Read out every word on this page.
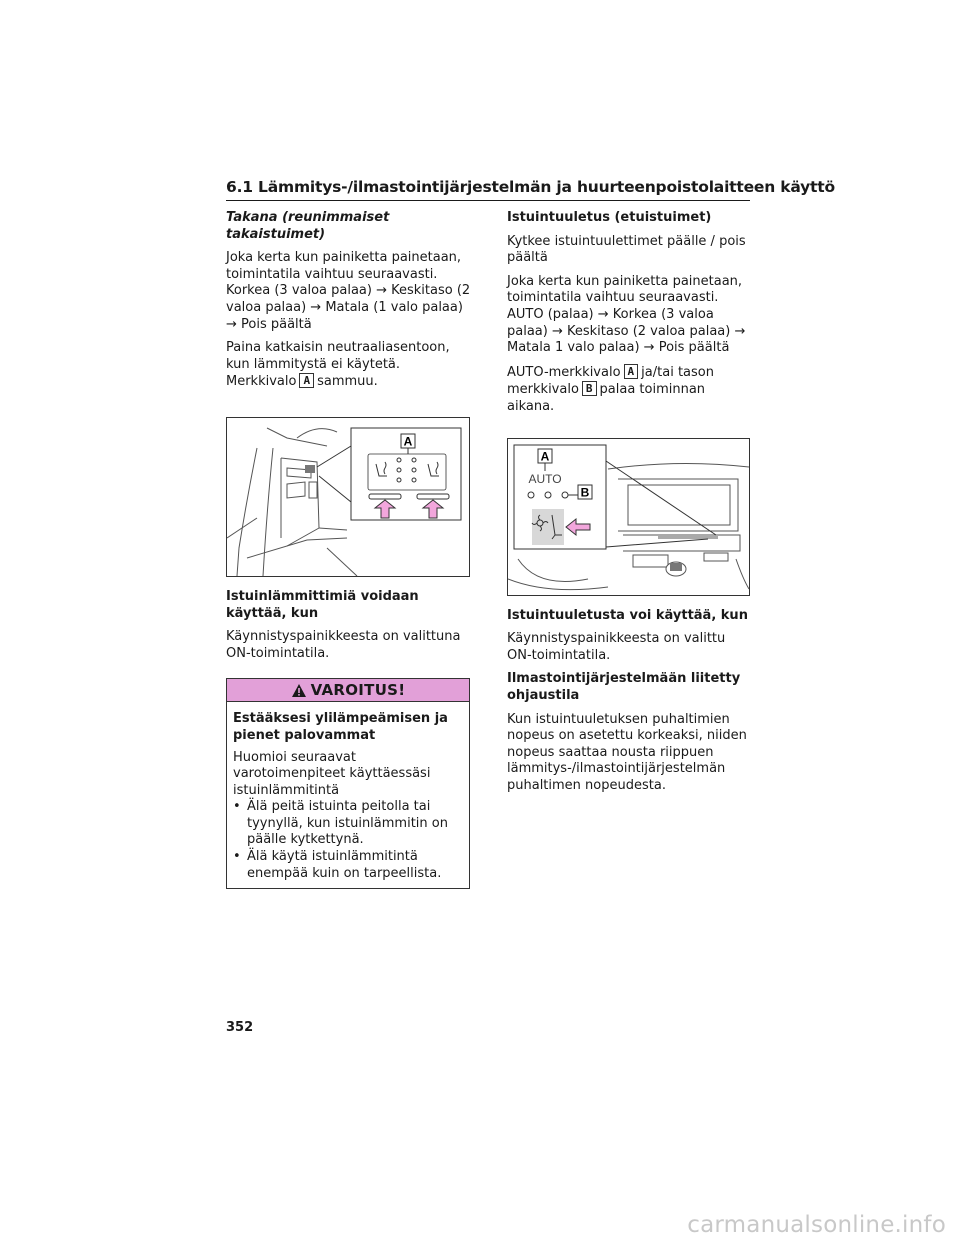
6.1 Lämmitys-/ilmastointijärjestelmän ja huurteenpoistolaitteen käyttö

Takana (reunimmaiset takaistuimet)

Joka kerta kun painiketta painetaan, toimintatila vaihtuu seuraavasti. Korkea (3 valoa palaa) → Keskitaso (2 valoa palaa) → Matala (1 valo palaa) → Pois päältä

Paina katkaisin neutraaliasentoon, kun lämmitystä ei käytetä. Merkkivalo A sammuu.

A

Istuinlämmittimiä voidaan käyttää, kun

Käynnistyspainikkeesta on valittuna ON-toimintatila.

VAROITUS!

Estääksesi ylilämpeämisen ja pienet palovammat

Huomioi seuraavat varotoimenpiteet käyttäessäsi istuinlämmitintä

• Älä peitä istuinta peitolla tai tyynyllä, kun istuinlämmitin on päälle kytkettynä.
• Älä käytä istuinlämmitintä enempää kuin on tarpeellista.

Istuintuuletus (etuistuimet)

Kytkee istuintuulettimet päälle / pois päältä

Joka kerta kun painiketta painetaan, toimintatila vaihtuu seuraavasti. AUTO (palaa) → Korkea (3 valoa palaa) → Keskitaso (2 valoa palaa) → Matala 1 valo palaa) → Pois päältä

AUTO-merkkivalo A ja/tai tason merkkivalo B palaa toiminnan aikana.

A
AUTO
B

Istuintuuletusta voi käyttää, kun

Käynnistyspainikkeesta on valittu ON-toimintatila.

Ilmastointijärjestelmään liitetty ohjaustila

Kun istuintuuletuksen puhaltimien nopeus on asetettu korkeaksi, niiden nopeus saattaa nousta riippuen lämmitys-/ilmastointijärjestelmän puhaltimen nopeudesta.

352
carmanualsonline.info
